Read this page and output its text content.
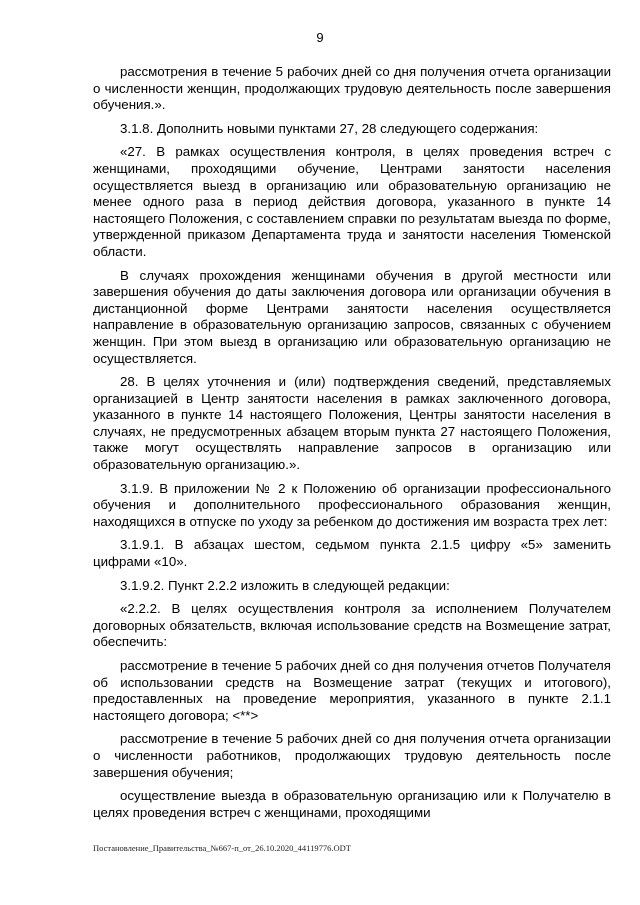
9

рассмотрения в течение 5 рабочих дней со дня получения отчета организации о численности женщин, продолжающих трудовую деятельность после завершения обучения.».

3.1.8. Дополнить новыми пунктами 27, 28 следующего содержания:

«27. В рамках осуществления контроля, в целях проведения встреч с женщинами, проходящими обучение, Центрами занятости населения осуществляется выезд в организацию или образовательную организацию не менее одного раза в период действия договора, указанного в пункте 14 настоящего Положения, с составлением справки по результатам выезда по форме, утвержденной приказом Департамента труда и занятости населения Тюменской области.

В случаях прохождения женщинами обучения в другой местности или завершения обучения до даты заключения договора или организации обучения в дистанционной форме Центрами занятости населения осуществляется направление в образовательную организацию запросов, связанных с обучением женщин. При этом выезд в организацию или образовательную организацию не осуществляется.

28. В целях уточнения и (или) подтверждения сведений, представляемых организацией в Центр занятости населения в рамках заключенного договора, указанного в пункте 14 настоящего Положения, Центры занятости населения в случаях, не предусмотренных абзацем вторым пункта 27 настоящего Положения, также могут осуществлять направление запросов в организацию или образовательную организацию.».

3.1.9. В приложении № 2 к Положению об организации профессионального обучения и дополнительного профессионального образования женщин, находящихся в отпуске по уходу за ребенком до достижения им возраста трех лет:

3.1.9.1. В абзацах шестом, седьмом пункта 2.1.5 цифру «5» заменить цифрами «10».

3.1.9.2. Пункт 2.2.2 изложить в следующей редакции:

«2.2.2. В целях осуществления контроля за исполнением Получателем договорных обязательств, включая использование средств на Возмещение затрат, обеспечить:

рассмотрение в течение 5 рабочих дней со дня получения отчетов Получателя об использовании средств на Возмещение затрат (текущих и итогового), предоставленных на проведение мероприятия, указанного в пункте 2.1.1 настоящего договора; <**>

рассмотрение в течение 5 рабочих дней со дня получения отчета организации о численности работников, продолжающих трудовую деятельность после завершения обучения;

осуществление выезда в образовательную организацию или к Получателю в целях проведения встреч с женщинами, проходящими

Постановление_Правительства_№667-п_от_26.10.2020_44119776.ODT
